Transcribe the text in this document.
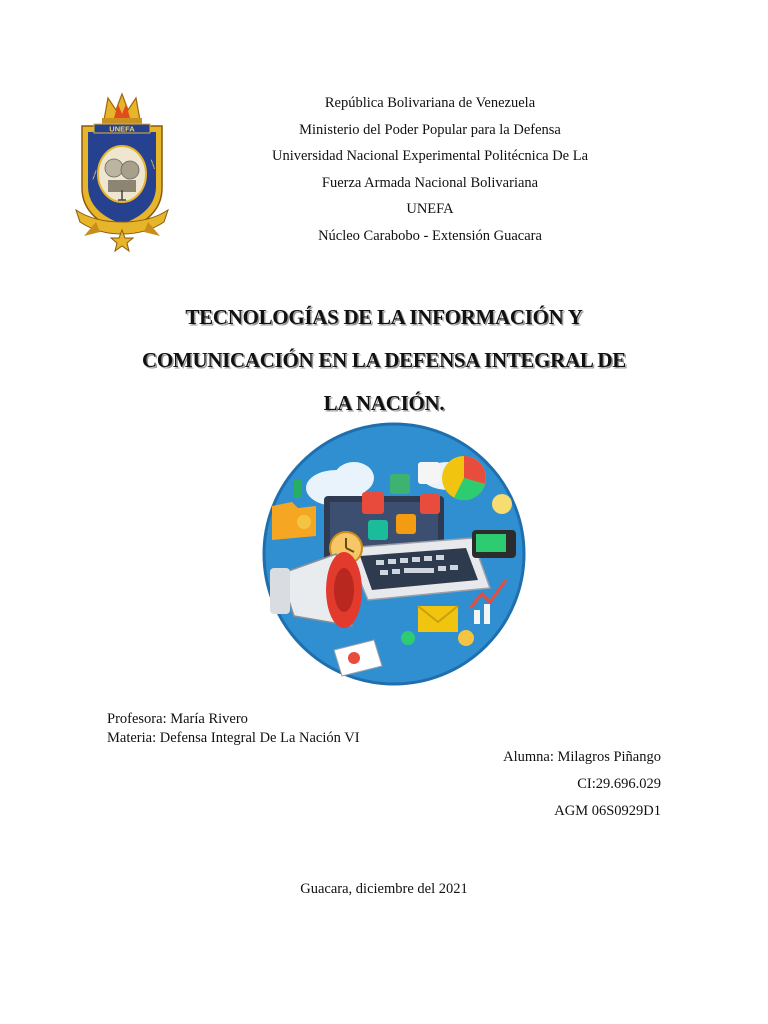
UNEFA
▪▪▪▪▪▪▪
▪▪▪▪▪▪▪
República Bolivariana de Venezuela
Ministerio del Poder Popular para la Defensa
Universidad Nacional Experimental Politécnica De La
Fuerza Armada Nacional Bolivariana
UNEFA
Núcleo Carabobo - Extensión Guacara
TECNOLOGÍAS DE LA INFORMACIÓN Y
COMUNICACIÓN EN LA DEFENSA INTEGRAL DE
LA NACIÓN.
Profesora: María Rivero
Materia: Defensa Integral De La Nación VI
Alumna: Milagros Piñango
CI:29.696.029
AGM 06S0929D1
Guacara, diciembre del 2021
